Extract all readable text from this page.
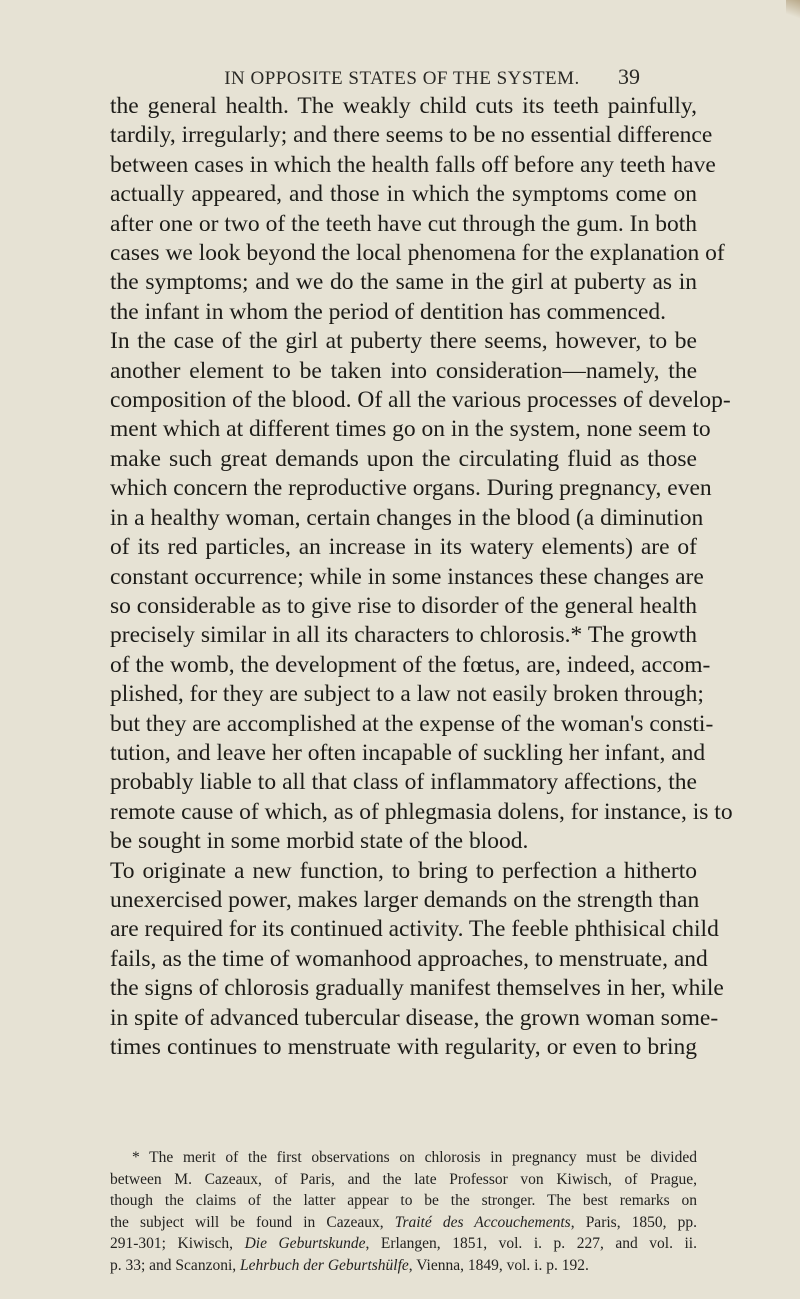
IN OPPOSITE STATES OF THE SYSTEM.	39

the general health. The weakly child cuts its teeth painfully,
tardily, irregularly; and there seems to be no essential difference
between cases in which the health falls off before any teeth have
actually appeared, and those in which the symptoms come on
after one or two of the teeth have cut through the gum. In both
cases we look beyond the local phenomena for the explanation of
the symptoms; and we do the same in the girl at puberty as in
the infant in whom the period of dentition has commenced.

In the case of the girl at puberty there seems, however, to be
another element to be taken into consideration—namely, the
composition of the blood. Of all the various processes of develop-
ment which at different times go on in the system, none seem to
make such great demands upon the circulating fluid as those
which concern the reproductive organs. During pregnancy, even
in a healthy woman, certain changes in the blood (a diminution
of its red particles, an increase in its watery elements) are of
constant occurrence; while in some instances these changes are
so considerable as to give rise to disorder of the general health
precisely similar in all its characters to chlorosis.* The growth
of the womb, the development of the fœtus, are, indeed, accom-
plished, for they are subject to a law not easily broken through;
but they are accomplished at the expense of the woman's consti-
tution, and leave her often incapable of suckling her infant, and
probably liable to all that class of inflammatory affections, the
remote cause of which, as of phlegmasia dolens, for instance, is to
be sought in some morbid state of the blood.

To originate a new function, to bring to perfection a hitherto
unexercised power, makes larger demands on the strength than
are required for its continued activity. The feeble phthisical child
fails, as the time of womanhood approaches, to menstruate, and
the signs of chlorosis gradually manifest themselves in her, while
in spite of advanced tubercular disease, the grown woman some-
times continues to menstruate with regularity, or even to bring

* The merit of the first observations on chlorosis in pregnancy must be divided
between M. Cazeaux, of Paris, and the late Professor von Kiwisch, of Prague,
though the claims of the latter appear to be the stronger. The best remarks on
the subject will be found in Cazeaux, Traité des Accouchements, Paris, 1850, pp.
291-301; Kiwisch, Die Geburtskunde, Erlangen, 1851, vol. i. p. 227, and vol. ii.
p. 33; and Scanzoni, Lehrbuch der Geburtshülfe, Vienna, 1849, vol. i. p. 192.
